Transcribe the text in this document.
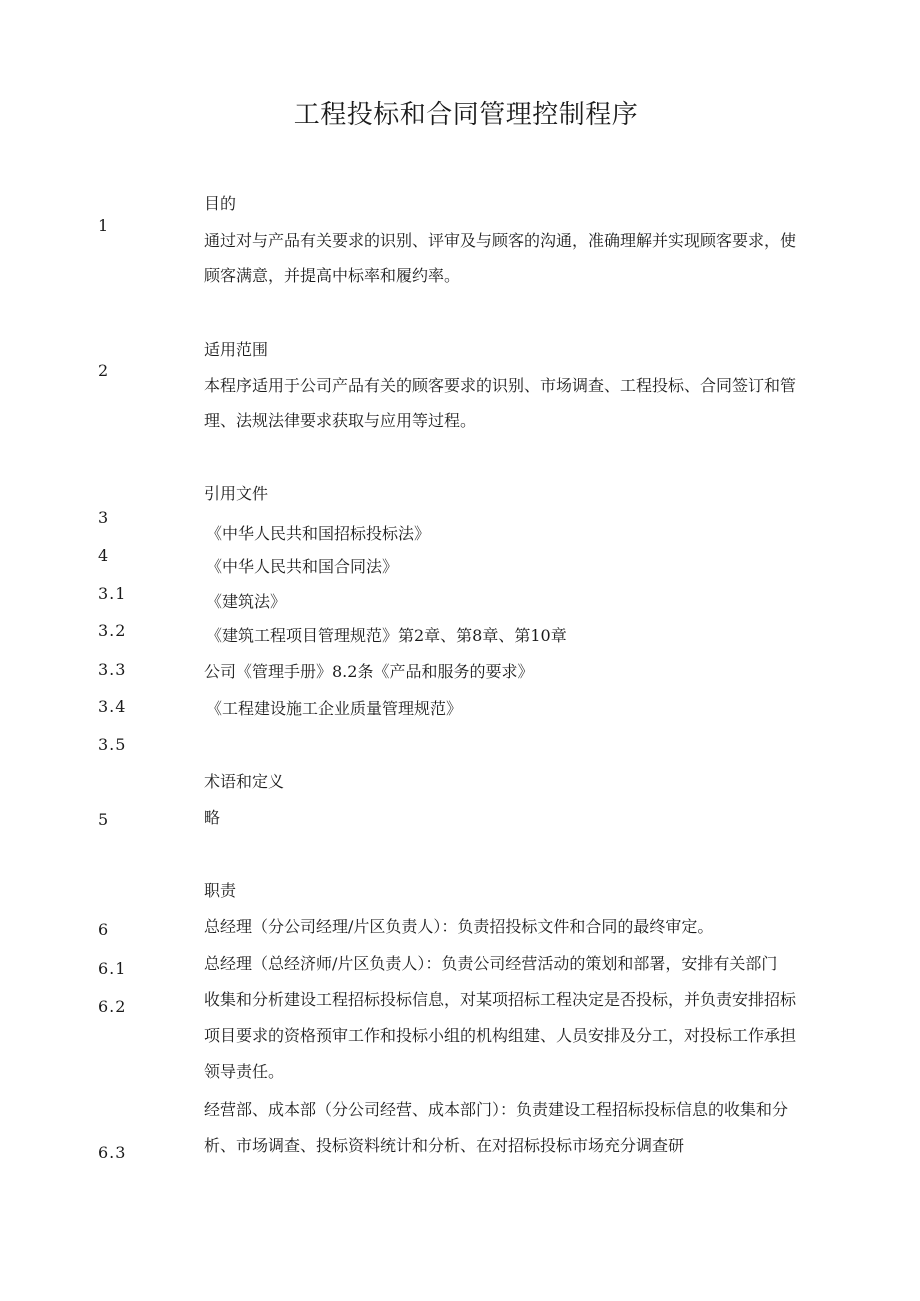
工程投标和合同管理控制程序
1
2
3
4
3.1
3.2
3.3
3.4
3.5
5
6
6.1
6.2
6.3
目的
通过对与产品有关要求的识别、评审及与顾客的沟通，准确理解并实现顾客要求，使
顾客满意，并提高中标率和履约率。
适用范围
本程序适用于公司产品有关的顾客要求的识别、市场调查、工程投标、合同签订和管
理、法规法律要求获取与应用等过程。
引用文件
《中华人民共和国招标投标法》
《中华人民共和国合同法》
《建筑法》
《建筑工程项目管理规范》第2章、第8章、第10章
公司《管理手册》8.2条《产品和服务的要求》
《工程建设施工企业质量管理规范》
术语和定义
略
职责
总经理（分公司经理/片区负责人）：负责招投标文件和合同的最终审定。
总经理（总经济师/片区负责人）：负责公司经营活动的策划和部署，安排有关部门
收集和分析建设工程招标投标信息，对某项招标工程决定是否投标，并负责安排招标
项目要求的资格预审工作和投标小组的机构组建、人员安排及分工，对投标工作承担
领导责任。
经营部、成本部（分公司经营、成本部门）：负责建设工程招标投标信息的收集和分
析、市场调查、投标资料统计和分析、在对招标投标市场充分调查研
